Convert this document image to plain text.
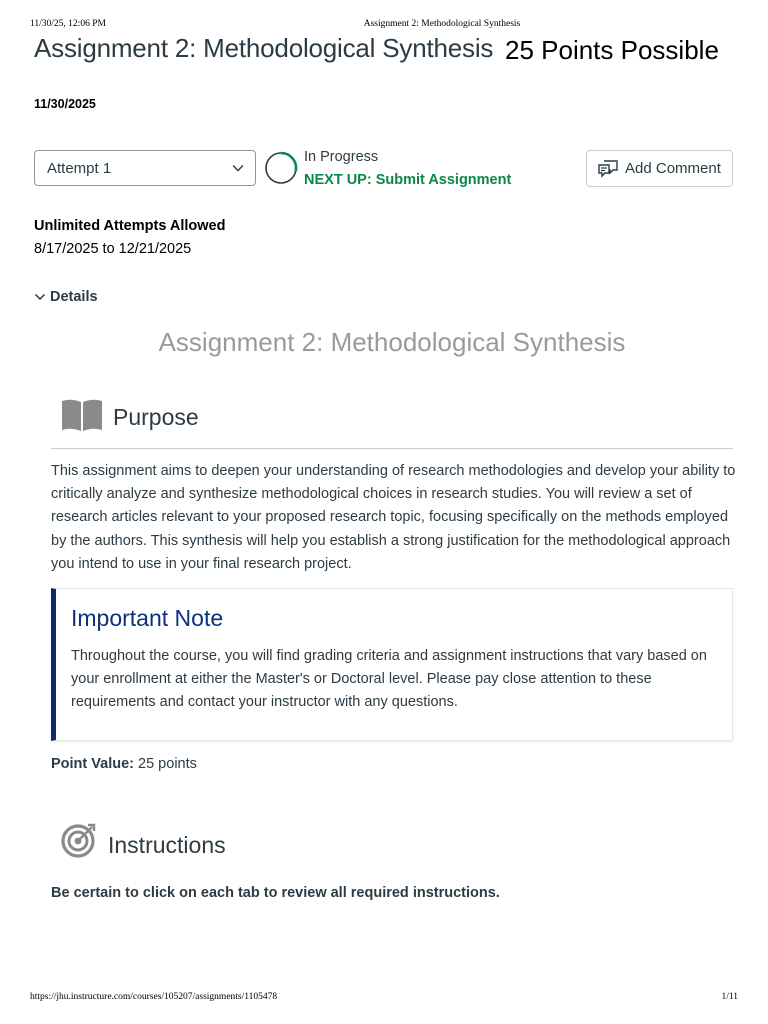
11/30/25, 12:06 PM	Assignment 2: Methodological Synthesis
Assignment 2: Methodological Synthesis 25 Points Possible
11/30/2025
Attempt 1
In Progress
NEXT UP: Submit Assignment
Add Comment
Unlimited Attempts Allowed
8/17/2025 to 12/21/2025
Details
Assignment 2: Methodological Synthesis
Purpose
This assignment aims to deepen your understanding of research methodologies and develop your ability to critically analyze and synthesize methodological choices in research studies. You will review a set of research articles relevant to your proposed research topic, focusing specifically on the methods employed by the authors. This synthesis will help you establish a strong justification for the methodological approach you intend to use in your final research project.
Important Note
Throughout the course, you will find grading criteria and assignment instructions that vary based on your enrollment at either the Master's or Doctoral level. Please pay close attention to these requirements and contact your instructor with any questions.
Point Value: 25 points
Instructions
Be certain to click on each tab to review all required instructions.
https://jhu.instructure.com/courses/105207/assignments/1105478	1/11
